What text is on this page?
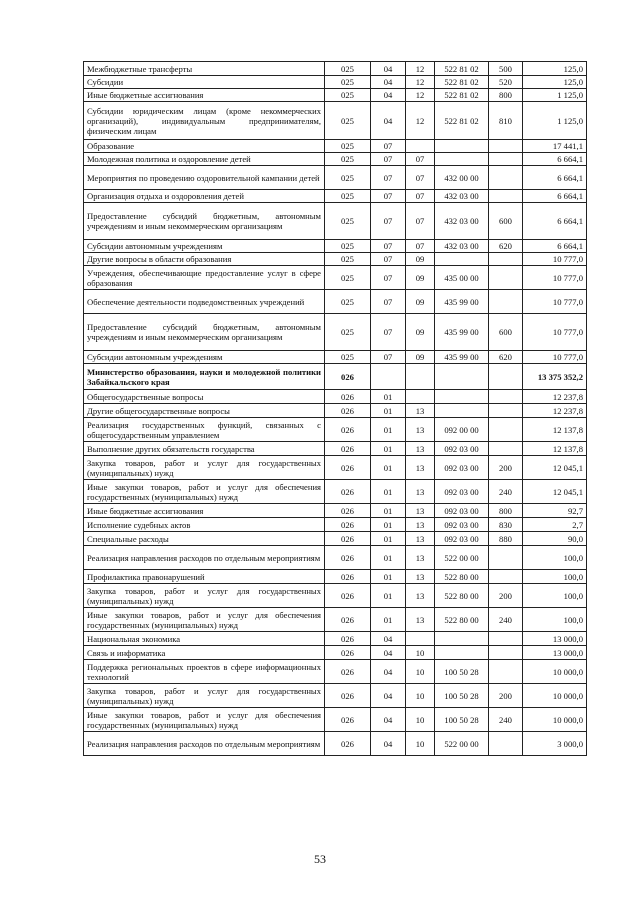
Межбюджетные трансферты	025	04	12	522 81 02	500	125,0
Субсидии	025	04	12	522 81 02	520	125,0
Иные бюджетные ассигнования	025	04	12	522 81 02	800	1 125,0
Субсидии юридическим лицам (кроме некоммерческих организаций), индивидуальным предпринимателям, физическим лицам	025	04	12	522 81 02	810	1 125,0
Образование	025	07				17 441,1
Молодежная политика и оздоровление детей	025	07	07			6 664,1
Мероприятия по проведению оздоровительной кампании детей	025	07	07	432 00 00		6 664,1
Организация отдыха и оздоровления детей	025	07	07	432 03 00		6 664,1
Предоставление субсидий бюджетным, автономным учреждениям и иным некоммерческим организациям	025	07	07	432 03 00	600	6 664,1
Субсидии автономным учреждениям	025	07	07	432 03 00	620	6 664,1
Другие вопросы в области образования	025	07	09			10 777,0
Учреждения, обеспечивающие предоставление услуг в сфере образования	025	07	09	435 00 00		10 777,0
Обеспечение деятельности подведомственных учреждений	025	07	09	435 99 00		10 777,0
Предоставление субсидий бюджетным, автономным учреждениям и иным некоммерческим организациям	025	07	09	435 99 00	600	10 777,0
Субсидии автономным учреждениям	025	07	09	435 99 00	620	10 777,0
Министерство образования, науки и молодежной политики Забайкальского края	026					13 375 352,2
Общегосударственные вопросы	026	01				12 237,8
Другие общегосударственные вопросы	026	01	13			12 237,8
Реализация государственных функций, связанных с общегосударственным управлением	026	01	13	092 00 00		12 137,8
Выполнение других обязательств государства	026	01	13	092 03 00		12 137,8
Закупка товаров, работ и услуг для государственных (муниципальных) нужд	026	01	13	092 03 00	200	12 045,1
Иные закупки товаров, работ и услуг для обеспечения государственных (муниципальных) нужд	026	01	13	092 03 00	240	12 045,1
Иные бюджетные ассигнования	026	01	13	092 03 00	800	92,7
Исполнение судебных актов	026	01	13	092 03 00	830	2,7
Специальные расходы	026	01	13	092 03 00	880	90,0
Реализация направления расходов по отдельным мероприятиям	026	01	13	522 00 00		100,0
Профилактика правонарушений	026	01	13	522 80 00		100,0
Закупка товаров, работ и услуг для государственных (муниципальных) нужд	026	01	13	522 80 00	200	100,0
Иные закупки товаров, работ и услуг для обеспечения государственных (муниципальных) нужд	026	01	13	522 80 00	240	100,0
Национальная экономика	026	04				13 000,0
Связь и информатика	026	04	10			13 000,0
Поддержка региональных проектов в сфере информационных технологий	026	04	10	100 50 28		10 000,0
Закупка товаров, работ и услуг для государственных (муниципальных) нужд	026	04	10	100 50 28	200	10 000,0
Иные закупки товаров, работ и услуг для обеспечения государственных (муниципальных) нужд	026	04	10	100 50 28	240	10 000,0
Реализация направления расходов по отдельным мероприятиям	026	04	10	522 00 00		3 000,0
53
